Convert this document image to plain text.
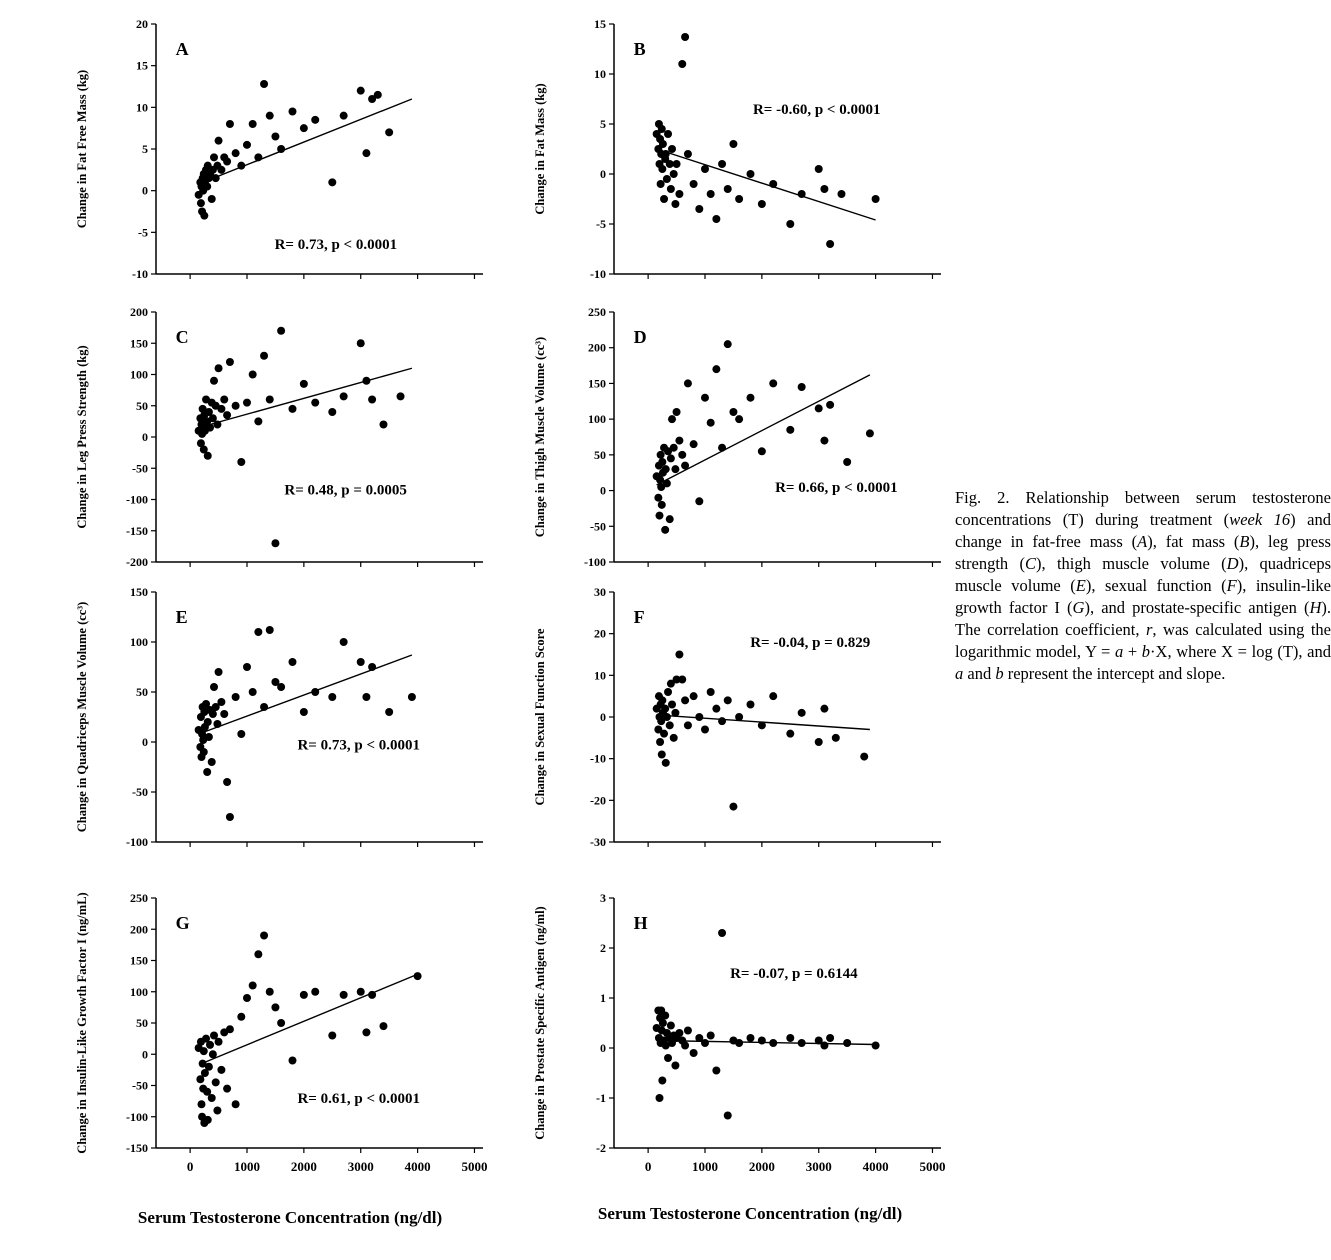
20
15
10
5
0
-5
-10
A
R= 0.73, p < 0.0001
Change in Fat Free Mass (kg)
15
10
5
0
-5
-10
B
R= -0.60, p < 0.0001
Change in Fat Mass (kg)
200
150
100
50
0
-50
-100
-150
-200
C
R= 0.48, p = 0.0005
Change in Leg Press Strength (kg)
250
200
150
100
50
0
-50
-100
D
R= 0.66, p < 0.0001
Change in Thigh Muscle Volume (cc³)
150
100
50
0
-50
-100
E
R= 0.73, p < 0.0001
Change in Quadriceps Muscle Volume (cc³)
30
20
10
0
-10
-20
-30
F
R= -0.04, p = 0.829
Change in Sexual Function Score
250
200
150
100
50
0
-50
-100
-150
0	1000 2000 3000 4000 5000
G
R= 0.61, p < 0.0001
Change in Insulin-Like Growth Factor I (ng/mL)	3
2
1
0
-1
-2
0	1000 2000 3000 4000 5000
H
R= -0.07, p = 0.6144
Change in Prostate Specific Antigen (ng/ml)
Serum Testosterone Concentration (ng/dl)	Serum Testosterone Concentration (ng/dl)
Fig. 2. Relationship between serum testosterone concentrations (T) during treatment (week 16) and change in fat-free mass (A), fat mass (B), leg press strength (C), thigh muscle volume (D), quadriceps muscle volume (E), sexual function (F), insulin-like growth factor I (G), and prostate-specific antigen (H). The correlation coefficient, r, was calculated using the logarithmic model, Y = a + b·X, where X = log (T), and a and b represent the intercept and slope.
